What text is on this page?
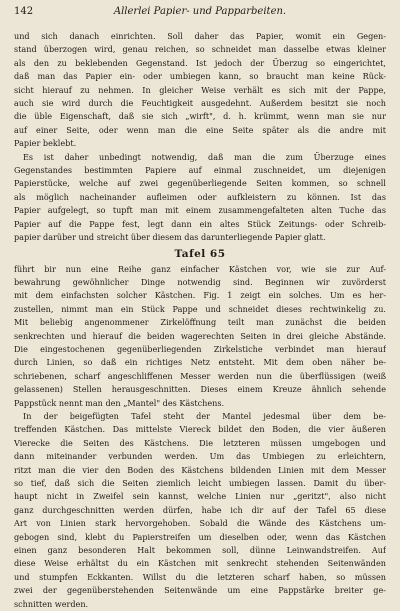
142	Allerlei Papier- und Papparbeiten.
und sich danach einrichten. Soll daher das Papier, womit ein Gegen-
stand überzogen wird, genau reichen, so schneidet man dasselbe etwas kleiner
als den zu beklebenden Gegenstand. Ist jedoch der Überzug so eingerichtet,
daß man das Papier ein- oder umbiegen kann, so braucht man keine Rück-
sicht hierauf zu nehmen. In gleicher Weise verhält es sich mit der Pappe,
auch sie wird durch die Feuchtigkeit ausgedehnt. Außerdem besitzt sie noch
die üble Eigenschaft, daß sie sich „wirft", d. h. krümmt, wenn man sie nur
auf einer Seite, oder wenn man die eine Seite später als die andre mit
Papier beklebt.
Es ist daher unbedingt notwendig, daß man die zum Überzuge eines
Gegenstandes bestimmten Papiere auf einmal zuschneidet, um diejenigen
Papierstücke, welche auf zwei gegenüberliegende Seiten kommen, so schnell
als möglich nacheinander aufleimen oder aufkleistern zu können. Ist das
Papier aufgelegt, so tupft man mit einem zusammengefalteten alten Tuche das
Papier auf die Pappe fest, legt dann ein altes Stück Zeitungs- oder Schreib-
papier darüber und streicht über diesem das darunterliegende Papier glatt.
Tafel 65
führt bir nun eine Reihe ganz einfacher Kästchen vor, wie sie zur Auf-
bewahrung gewöhnlicher Dinge notwendig sind. Beginnen wir zuvörderst
mit dem einfachsten solcher Kästchen. Fig. 1 zeigt ein solches. Um es her-
zustellen, nimmt man ein Stück Pappe und schneidet dieses rechtwinkelig zu.
Mit beliebig angenommener Zirkelöffnung teilt man zunächst die beiden
senkrechten und hierauf die beiden wagerechten Seiten in drei gleiche Abstände.
Die eingestochenen gegenüberliegenden Zirkelstiche verbindet man hierauf
durch Linien, so daß ein richtiges Netz entsteht. Mit dem oben näher be-
schriebenen, scharf angeschliffenen Messer werden nun die überflüssigen (weiß
gelassenen) Stellen herausgeschnitten. Dieses einem Kreuze ähnlich sehende
Pappstück nennt man den „Mantel" des Kästchens.
In der beigefügten Tafel steht der Mantel jedesmal über dem be-
treffenden Kästchen. Das mittelste Viereck bildet den Boden, die vier äußeren
Vierecke die Seiten des Kästchens. Die letzteren müssen umgebogen und
dann miteinander verbunden werden. Um das Umbiegen zu erleichtern,
ritzt man die vier den Boden des Kästchens bildenden Linien mit dem Messer
so tief, daß sich die Seiten ziemlich leicht umbiegen lassen. Damit du über-
haupt nicht in Zweifel sein kannst, welche Linien nur „geritzt", also nicht
ganz durchgeschnitten werden dürfen, habe ich dir auf der Tafel 65 diese
Art von Linien stark hervorgehoben. Sobald die Wände des Kästchens um-
gebogen sind, klebt du Papierstreifen um dieselben oder, wenn das Kästchen
einen ganz besonderen Halt bekommen soll, dünne Leinwandstreifen. Auf
diese Weise erhältst du ein Kästchen mit senkrecht stehenden Seitenwänden
und stumpfen Eckkanten. Willst du die letzteren scharf haben, so müssen
zwei der gegenüberstehenden Seitenwände um eine Pappstärke breiter ge-
schnitten werden.
